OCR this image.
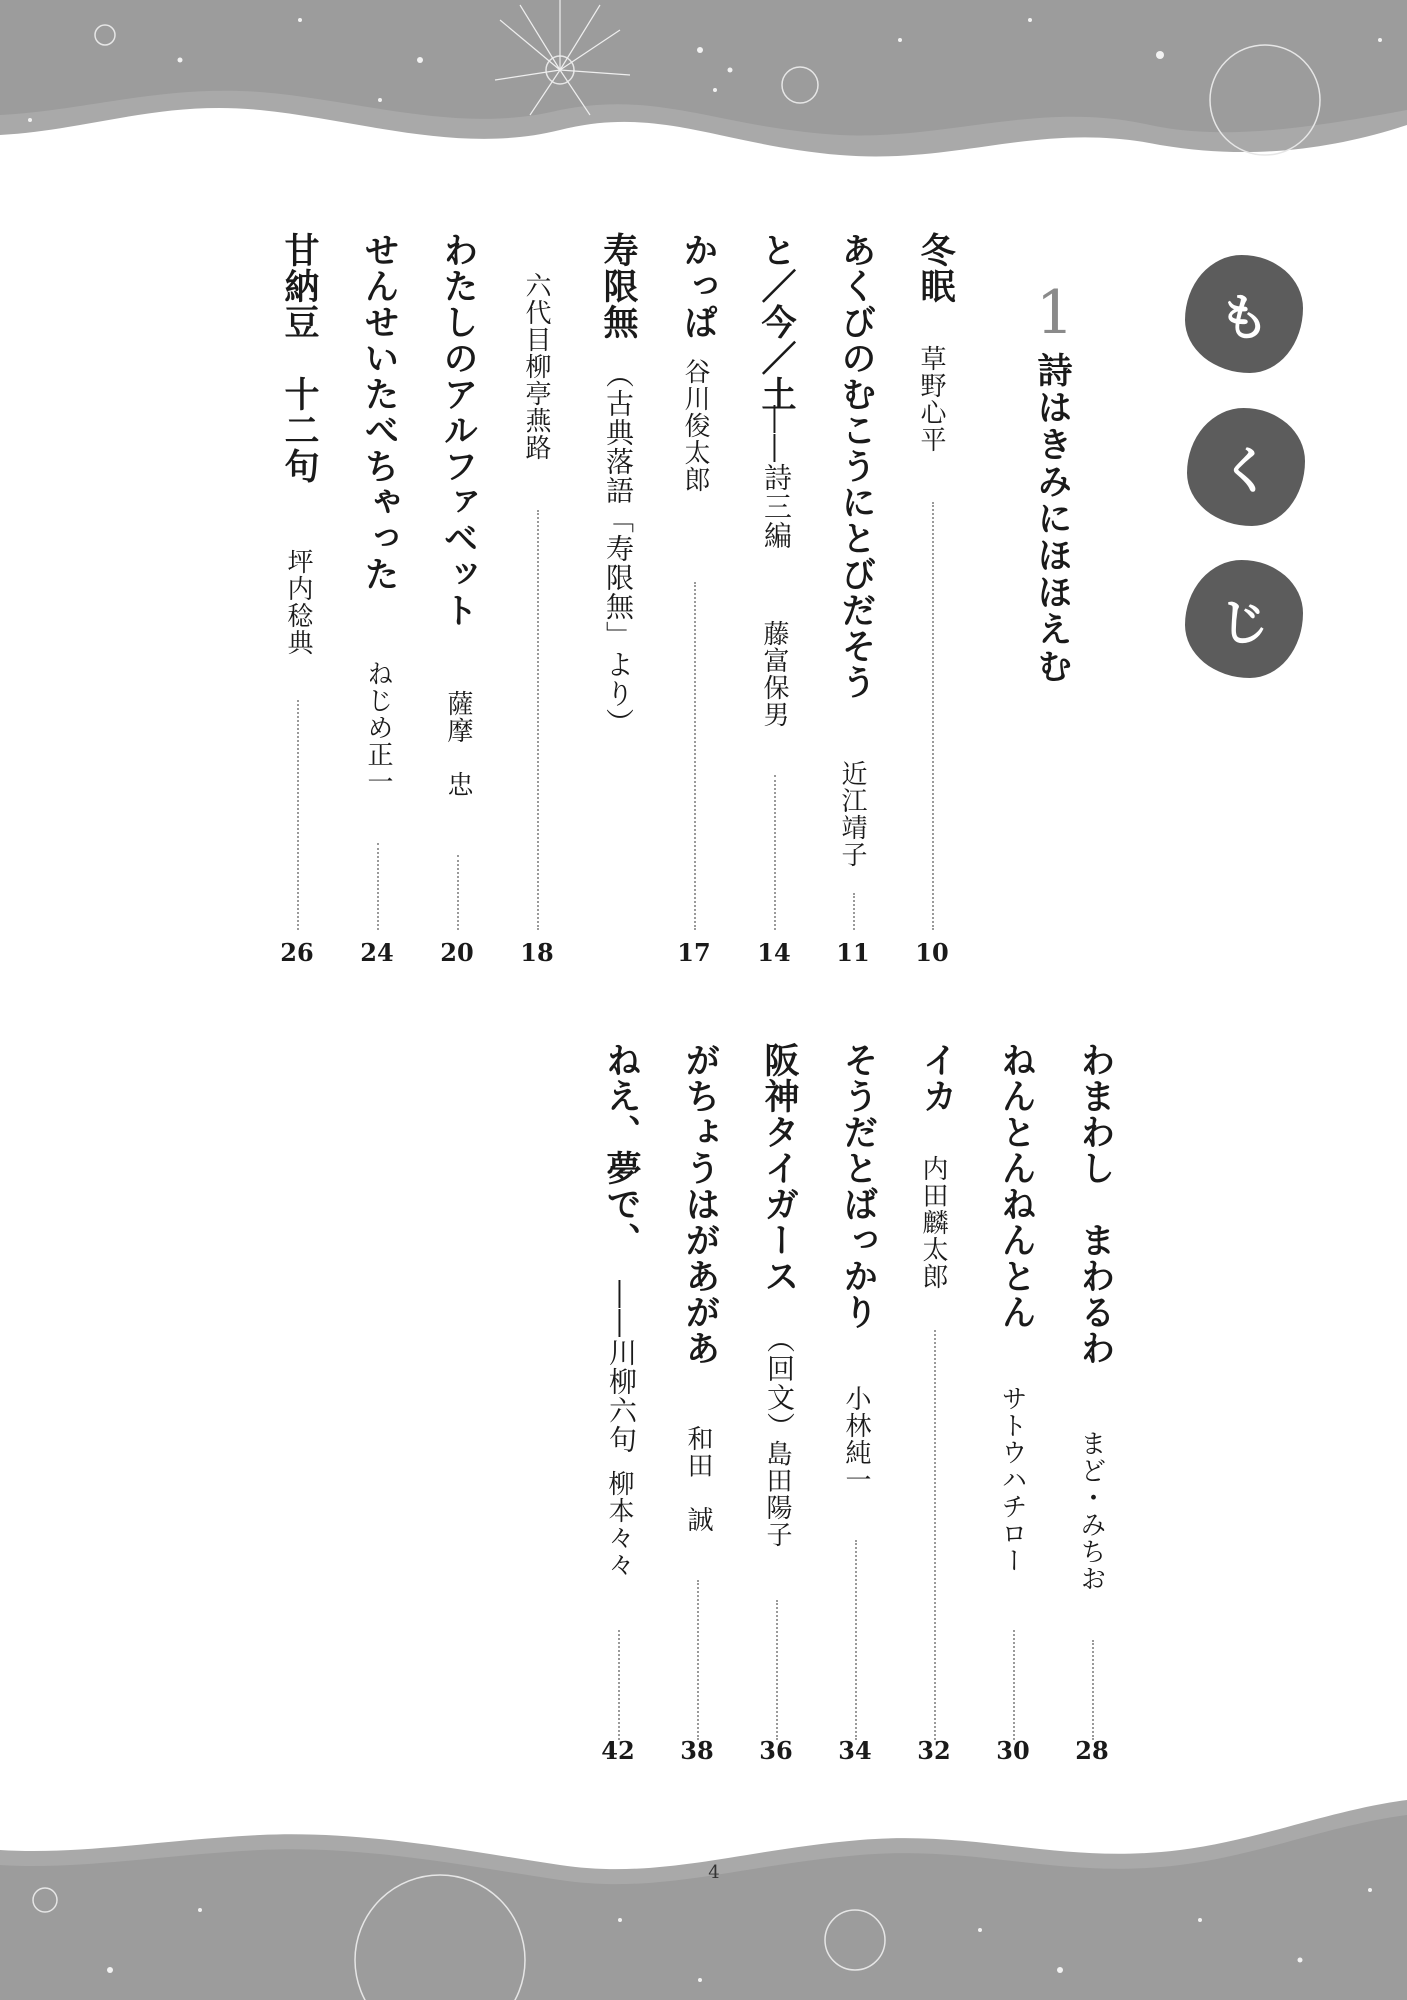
も
く
じ
1
詩はきみにほほえむ
冬眠
草野心平
10
あくびのむこうにとびだそう
近江靖子
11
と／今／土
――詩三編
藤富保男
14
かっぱ
谷川俊太郎
17
寿限無
（古典落語「寿限無」より）
六代目柳亭燕路
18
わたしのアルファベット
薩摩　忠
20
せんせいたべちゃった
ねじめ正一
24
甘納豆　十二句
坪内稔典
26
わまわし　まわるわ
まど・みちお
28
ねんとんねんとん
サトウハチロー
30
イカ
内田麟太郎
32
そうだとばっかり
小林純一
34
阪神タイガース
（回文）
島田陽子
36
がちょうはがあがあ
和田　誠
38
ねえ、夢で、
――川柳六句
柳本々々
42
4
